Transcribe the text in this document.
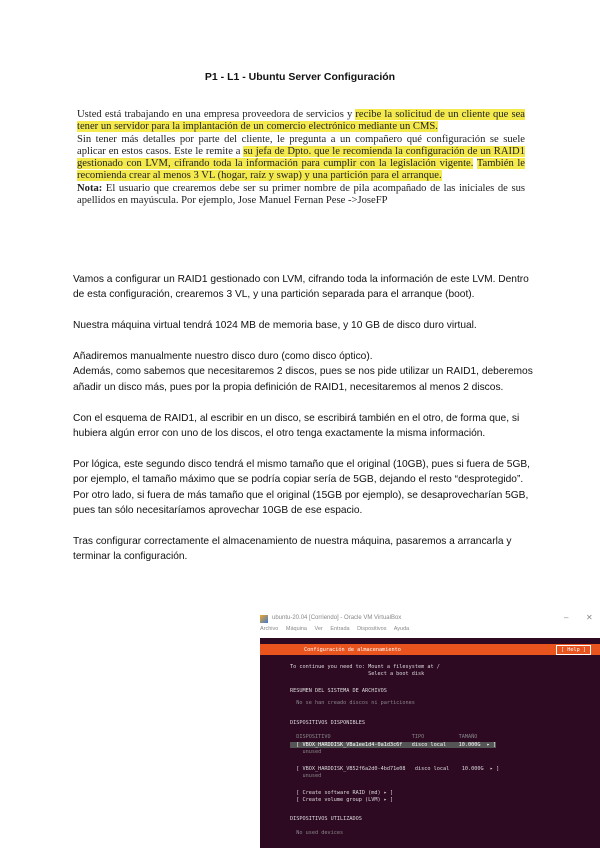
P1 - L1 - Ubuntu Server Configuración
Usted está trabajando en una empresa proveedora de servicios y recibe la solicitud de un cliente que sea tener un servidor para la implantación de un comercio electrónico mediante un CMS.
Sin tener más detalles por parte del cliente, le pregunta a un compañero qué configuración se suele aplicar en estos casos. Este le remite a su jefa de Dpto. que le recomienda la configuración de un RAID1 gestionado con LVM, cifrando toda la información para cumplir con la legislación vigente. También le recomienda crear al menos 3 VL (hogar, raíz y swap) y una partición para el arranque.
Nota: El usuario que crearemos debe ser su primer nombre de pila acompañado de las iniciales de sus apellidos en mayúscula. Por ejemplo, Jose Manuel Fernan Pese ->JoseFP

Vamos a configurar un RAID1 gestionado con LVM, cifrando toda la información de este LVM. Dentro de esta configuración, crearemos 3 VL, y una partición separada para el arranque (boot).

Nuestra máquina virtual tendrá 1024 MB de memoria base, y 10 GB de disco duro virtual.

Añadiremos manualmente nuestro disco duro (como disco óptico).

Además, como sabemos que necesitaremos 2 discos, pues se nos pide utilizar un RAID1, deberemos añadir un disco más, pues por la propia definición de RAID1, necesitaremos al menos 2 discos.

Con el esquema de RAID1, al escribir en un disco, se escribirá también en el otro, de forma que, si hubiera algún error con uno de los discos, el otro tenga exactamente la misma información.

Por lógica, este segundo disco tendrá el mismo tamaño que el original (10GB), pues si fuera de 5GB, por ejemplo, el tamaño máximo que se podría copiar sería de 5GB, dejando el resto “desprotegido”. Por otro lado, si fuera de más tamaño que el original (15GB por ejemplo), se desaprovecharían 5GB, pues tan sólo necesitaríamos aprovechar 10GB de ese espacio.

Tras configurar correctamente el almacenamiento de nuestra máquina, pasaremos a arrancarla y terminar la configuración.

ubuntu-20.04 [Corriendo] - Oracle VM VirtualBox	– ✕
Archivo Máquina Ver Entrada Dispositivos Ayuda
Configuración de almacenamiento	[ Help ]
To continue you need to: Mount a filesystem at /
Select a boot disk
RESUMEN DEL SISTEMA DE ARCHIVOS
No se han creado discos ni particiones
DISPOSITIVOS DISPONIBLES
DISPOSITIVO                          TIPO           TAMAÑO
[ VBOX_HARDDISK_VBa1ee1d4-0a1d3c6f   disco local    10.000G  ▸ ]
unused
[ VBOX_HARDDISK_VB52f6a2d0-4bd71e08   disco local    10.000G  ▸ ]
unused
[ Create software RAID (md) ▸ ]
[ Create volume group (LVM) ▸ ]
DISPOSITIVOS UTILIZADOS
No used devices
